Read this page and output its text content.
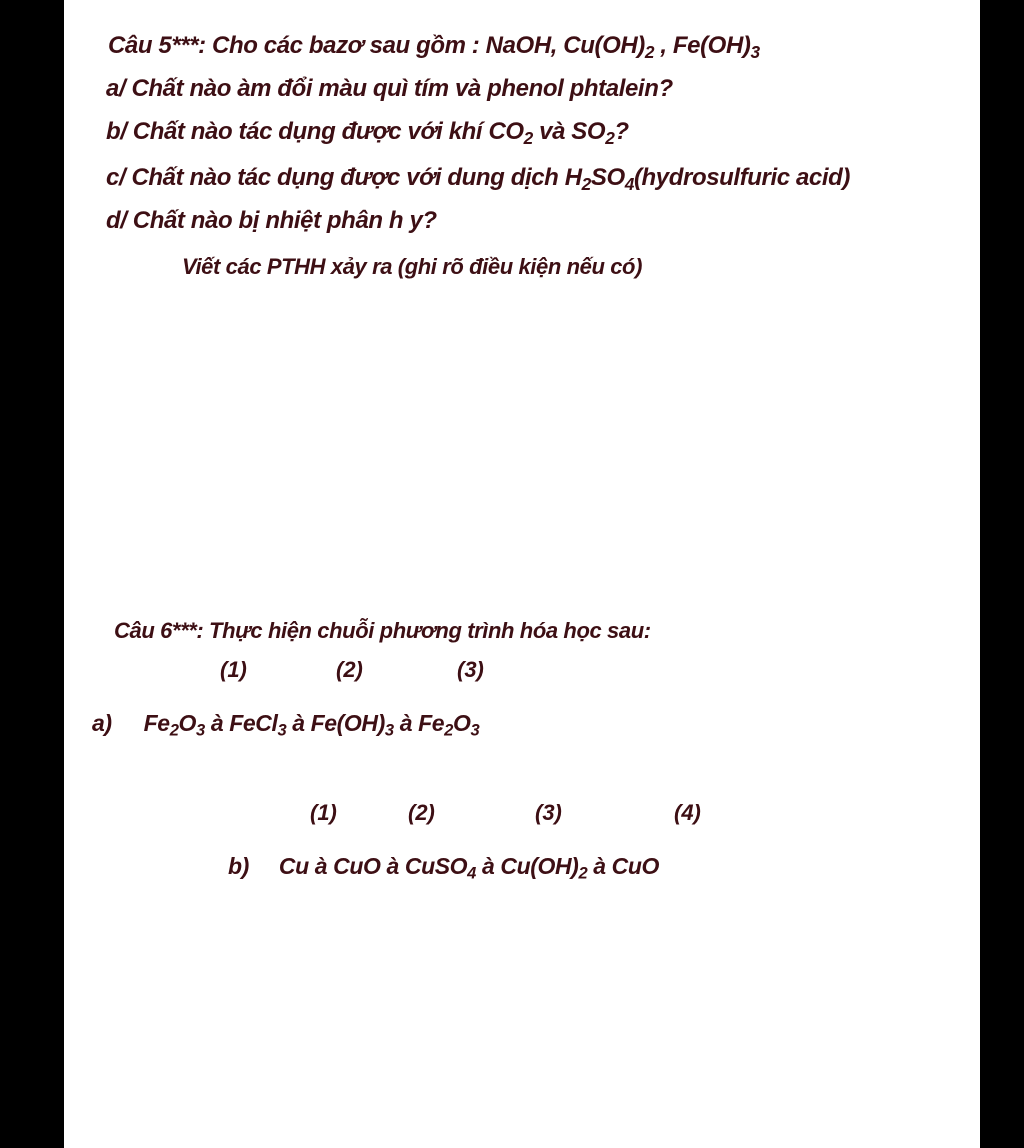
Câu 5***: Cho các bazơ sau gồm : NaOH, $Cu(OH)_2$ , $Fe(OH)_3$
a/ Chất nào àm đổi màu quì tím và phenol phtalein?
b/ Chất nào tác dụng được với khí $CO_2$ và $SO_2$?
c/ Chất nào tác dụng được với dung dịch $H_2SO_4(hydrosulfuric$ acid)
d/ Chất nào bị nhiệt phân h y?
Viết các PTHH xảy ra (ghi rõ điều kiện nếu có)
Câu 6***: Thực hiện chuỗi phương trình hóa học sau:
(1)	(2)	(3)
a) $Fe_2O_3$ à FeCl$_3$ à $Fe(OH)_3$ à $Fe_2O_3$
(1)	(2)	(3)	(4)
b) Cu à CuO à CuSO$_4$ à $Cu(OH)_2$ à CuO
